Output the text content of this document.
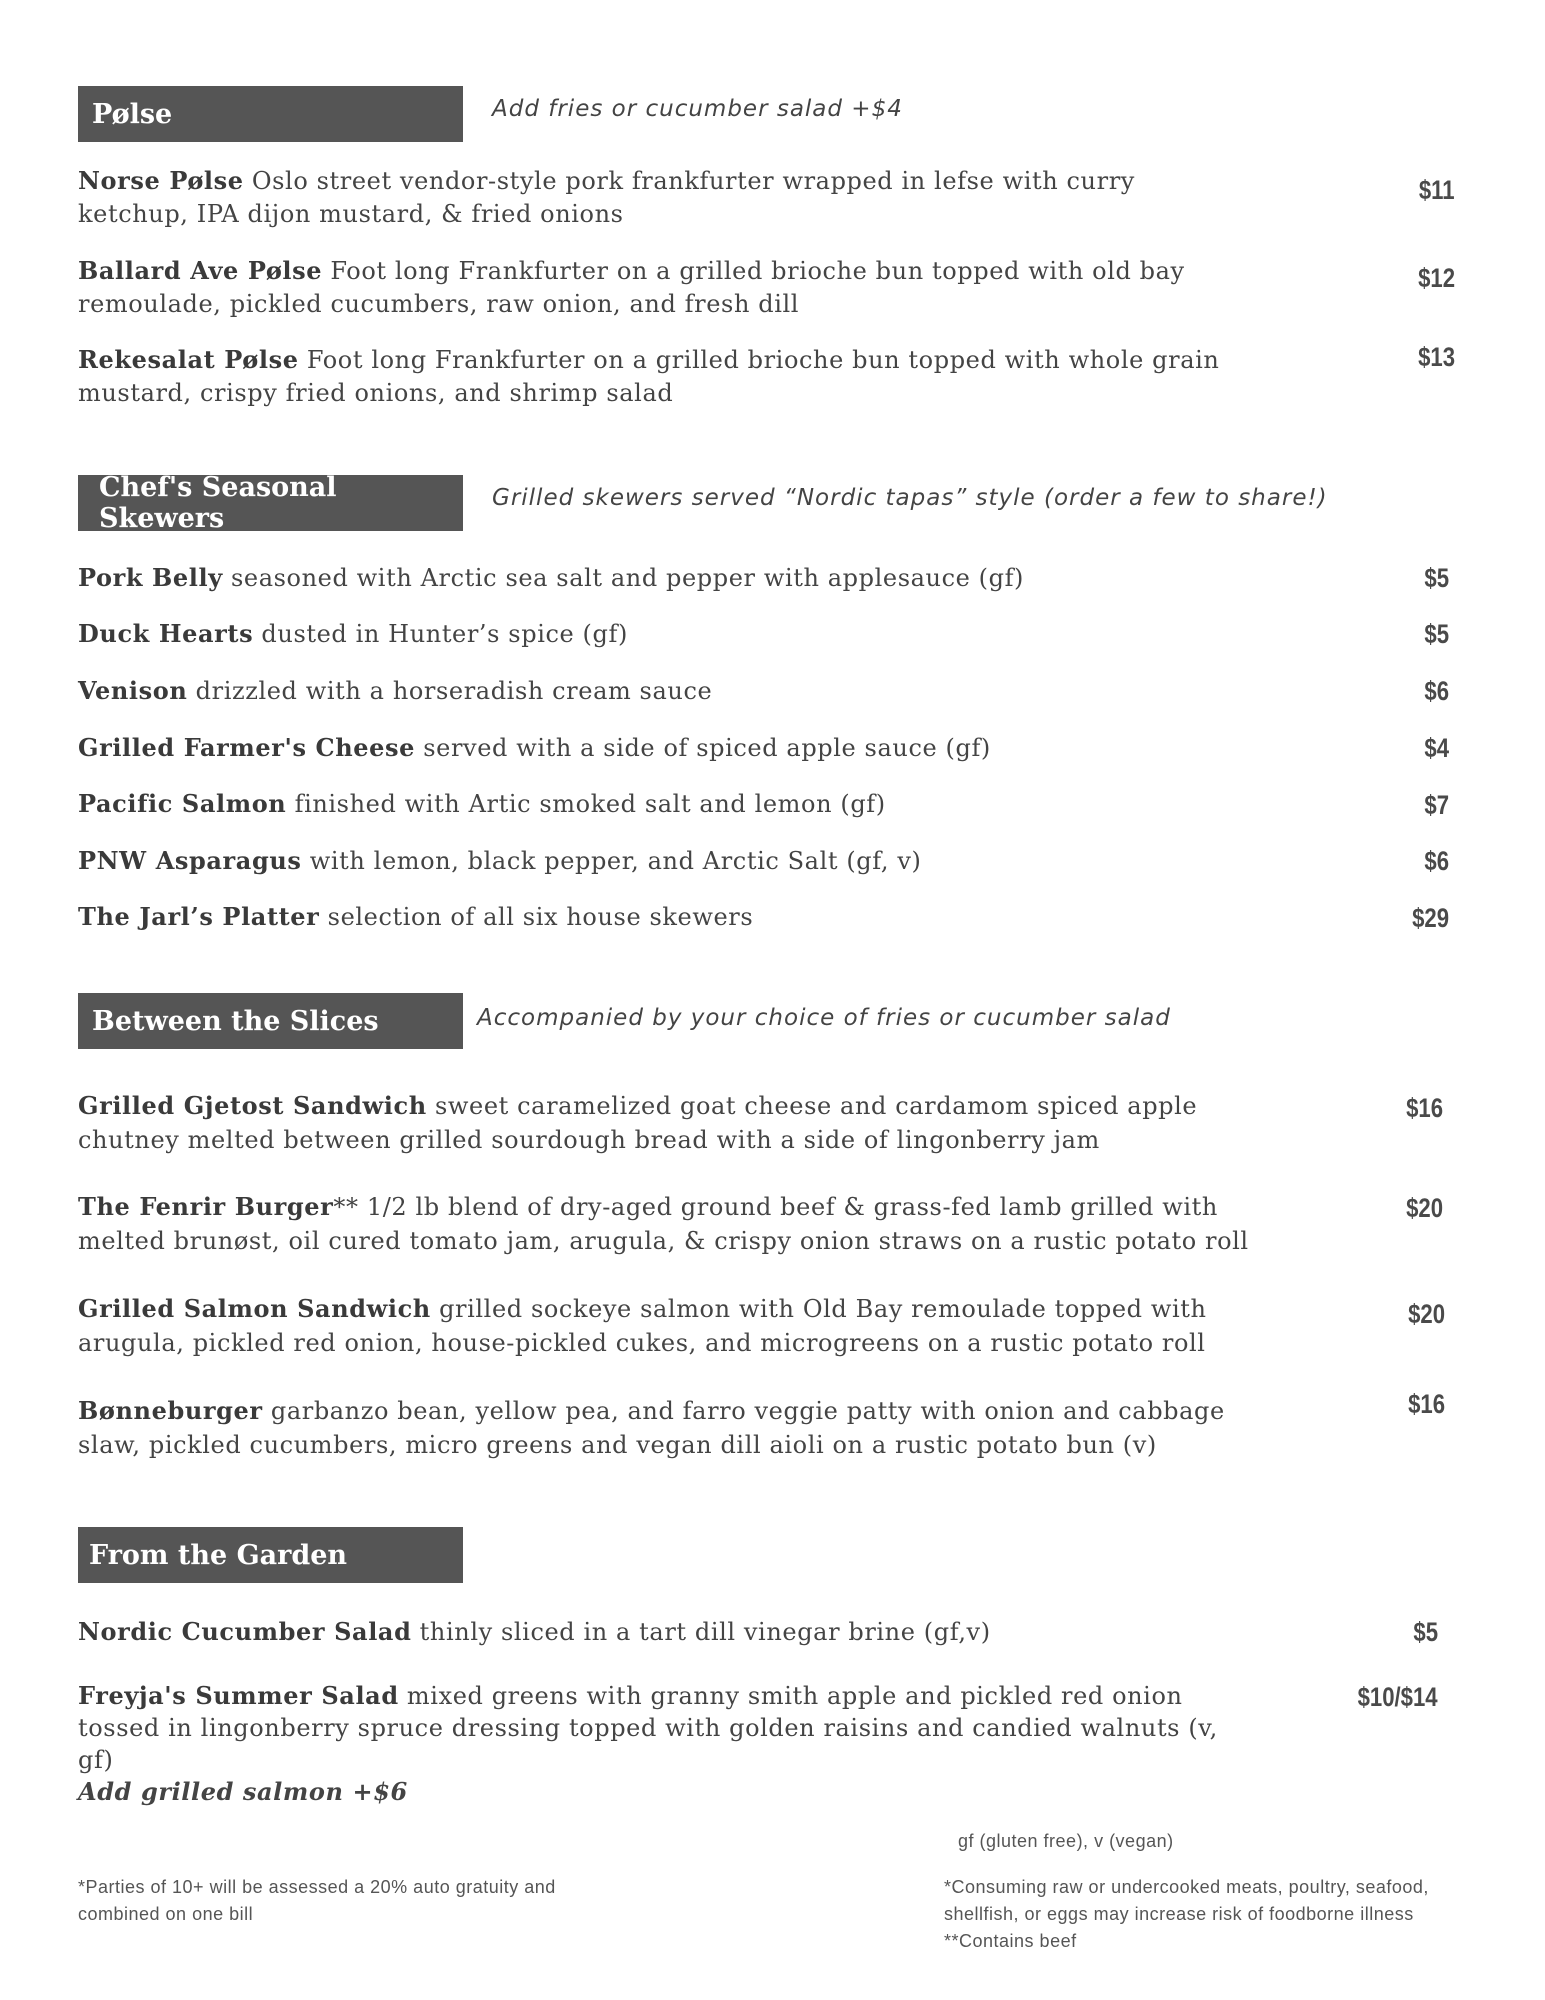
Pølse	Add fries or cucumber salad +$4
Norse Pølse Oslo street vendor-style pork frankfurter wrapped in lefse with curry ketchup, IPA dijon mustard, & fried onions
$11
Ballard Ave Pølse Foot long Frankfurter on a grilled brioche bun topped with old bay remoulade, pickled cucumbers, raw onion, and fresh dill
$12
Rekesalat Pølse Foot long Frankfurter on a grilled brioche bun topped with whole grain mustard, crispy fried onions, and shrimp salad
$13
Chef's Seasonal Skewers
Grilled skewers served “Nordic tapas” style (order a few to share!)
Pork Belly seasoned with Arctic sea salt and pepper with applesauce (gf)	$5
Duck Hearts dusted in Hunter’s spice (gf)	$5
Venison drizzled with a horseradish cream sauce	$6
Grilled Farmer's Cheese served with a side of spiced apple sauce (gf)	$4
Pacific Salmon finished with Artic smoked salt and lemon (gf)	$7
PNW Asparagus with lemon, black pepper, and Arctic Salt (gf, v)	$6
The Jarl’s Platter selection of all six house skewers	$29
Between the Slices	Accompanied by your choice of fries or cucumber salad
Grilled Gjetost Sandwich sweet caramelized goat cheese and cardamom spiced apple chutney melted between grilled sourdough bread with a side of lingonberry jam
$16
The Fenrir Burger** 1/2 lb blend of dry-aged ground beef & grass-fed lamb grilled with melted brunøst, oil cured tomato jam, arugula, & crispy onion straws on a rustic potato roll
$20
Grilled Salmon Sandwich grilled sockeye salmon with Old Bay remoulade topped with arugula, pickled red onion, house-pickled cukes, and microgreens on a rustic potato roll
$20
Bønneburger garbanzo bean, yellow pea, and farro veggie patty with onion and cabbage slaw, pickled cucumbers, micro greens and vegan dill aioli on a rustic potato bun (v)
$16
From the Garden
Nordic Cucumber Salad thinly sliced in a tart dill vinegar brine (gf,v)	$5
Freyja's Summer Salad mixed greens with granny smith apple and pickled red onion tossed in lingonberry spruce dressing topped with golden raisins and candied walnuts (v, gf)
Add grilled salmon +$6
$10/$14
gf (gluten free), v (vegan)
*Parties of 10+ will be assessed a 20% auto gratuity and
combined on one bill
*Consuming raw or undercooked meats, poultry, seafood,
shellfish, or eggs may increase risk of foodborne illness
**Contains beef
